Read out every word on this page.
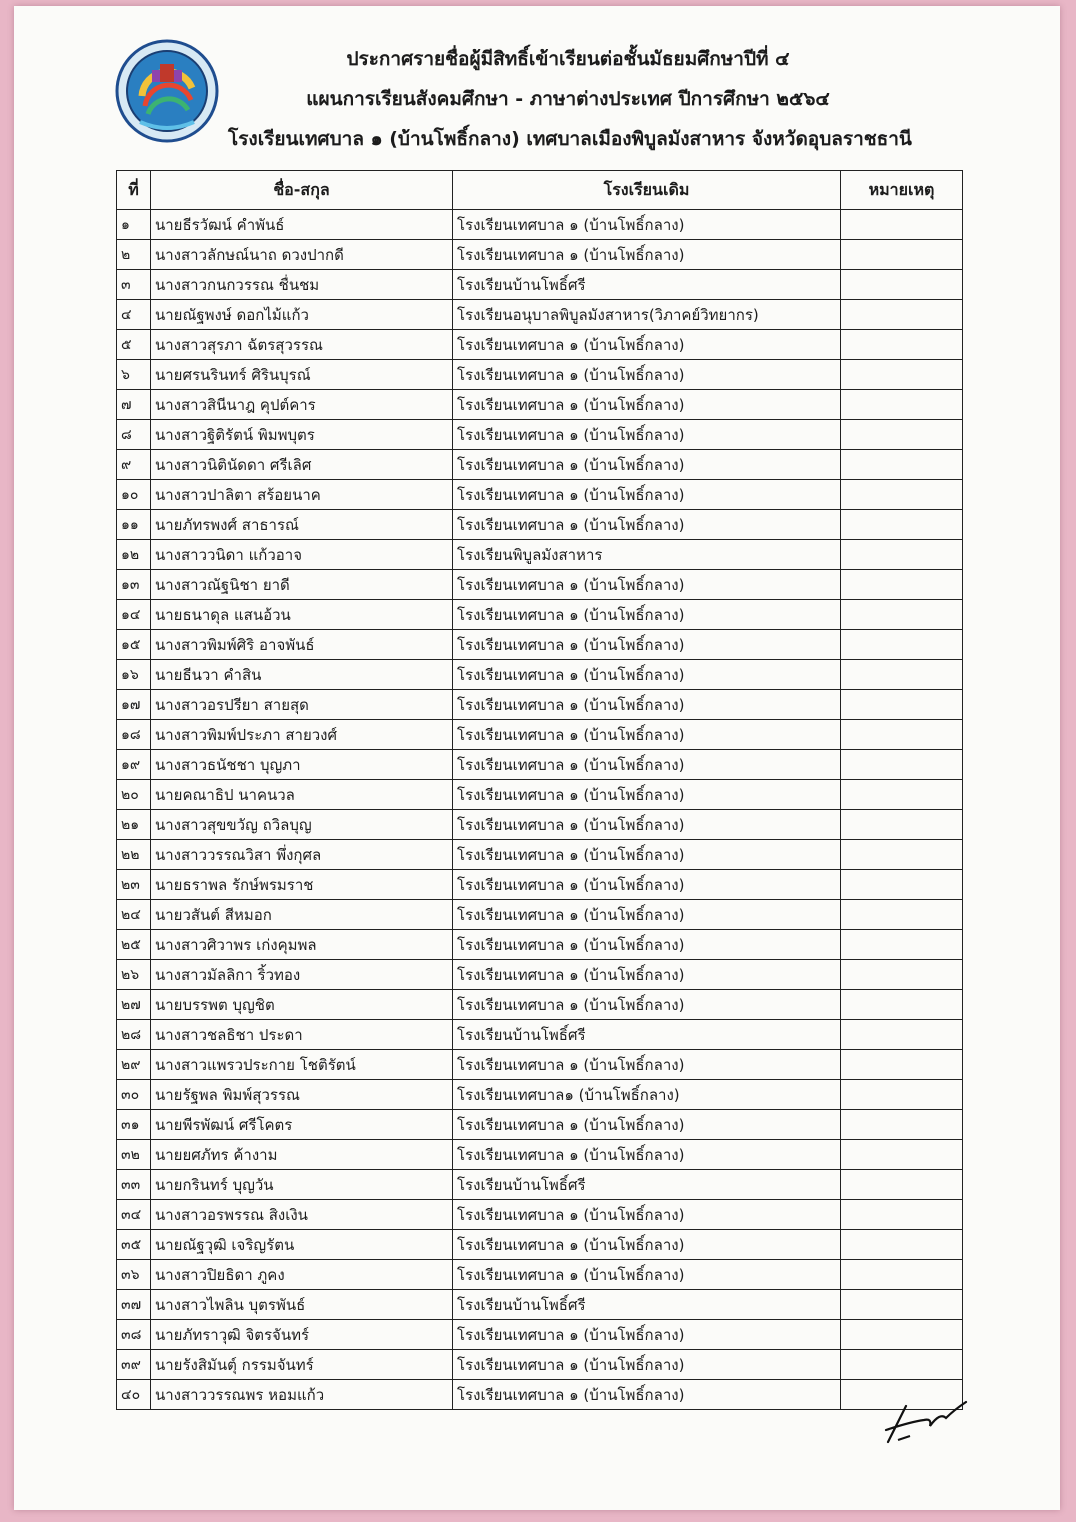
ประกาศรายชื่อผู้มีสิทธิ์เข้าเรียนต่อชั้นมัธยมศึกษาปีที่ ๔
แผนการเรียนสังคมศึกษา - ภาษาต่างประเทศ ปีการศึกษา ๒๕๖๔
โรงเรียนเทศบาล ๑ (บ้านโพธิ์กลาง) เทศบาลเมืองพิบูลมังสาหาร จังหวัดอุบลราชธานี
ที่	ชื่อ-สกุล	โรงเรียนเดิม	หมายเหตุ
๑	นายธีรวัฒน์ คำพันธ์	โรงเรียนเทศบาล ๑ (บ้านโพธิ์กลาง)	
๒	นางสาวลักษณ์นาถ ดวงปากดี	โรงเรียนเทศบาล ๑ (บ้านโพธิ์กลาง)	
๓	นางสาวกนกวรรณ ชื่นชม	โรงเรียนบ้านโพธิ์ศรี	
๔	นายณัฐพงษ์ ดอกไม้แก้ว	โรงเรียนอนุบาลพิบูลมังสาหาร(วิภาคย์วิทยากร)	
๕	นางสาวสุรภา ฉัตรสุวรรณ	โรงเรียนเทศบาล ๑ (บ้านโพธิ์กลาง)	
๖	นายศรนรินทร์ ศิรินบุรณ์	โรงเรียนเทศบาล ๑ (บ้านโพธิ์กลาง)	
๗	นางสาวสินีนาฎ คุปต์คาร	โรงเรียนเทศบาล ๑ (บ้านโพธิ์กลาง)	
๘	นางสาวฐิติรัตน์ พิมพบุตร	โรงเรียนเทศบาล ๑ (บ้านโพธิ์กลาง)	
๙	นางสาวนิตินัดดา ศรีเลิศ	โรงเรียนเทศบาล ๑ (บ้านโพธิ์กลาง)	
๑๐	นางสาวปาลิตา สร้อยนาค	โรงเรียนเทศบาล ๑ (บ้านโพธิ์กลาง)	
๑๑	นายภัทรพงศ์ สาธารณ์	โรงเรียนเทศบาล ๑ (บ้านโพธิ์กลาง)	
๑๒	นางสาววนิดา แก้วอาจ	โรงเรียนพิบูลมังสาหาร	
๑๓	นางสาวณัฐนิชา ยาดี	โรงเรียนเทศบาล ๑ (บ้านโพธิ์กลาง)	
๑๔	นายธนาดุล แสนอ้วน	โรงเรียนเทศบาล ๑ (บ้านโพธิ์กลาง)	
๑๕	นางสาวพิมพ์ศิริ อาจพันธ์	โรงเรียนเทศบาล ๑ (บ้านโพธิ์กลาง)	
๑๖	นายธีนวา คำสิน	โรงเรียนเทศบาล ๑ (บ้านโพธิ์กลาง)	
๑๗	นางสาวอรปรียา สายสุด	โรงเรียนเทศบาล ๑ (บ้านโพธิ์กลาง)	
๑๘	นางสาวพิมพ์ประภา สายวงศ์	โรงเรียนเทศบาล ๑ (บ้านโพธิ์กลาง)	
๑๙	นางสาวธนัชชา บุญภา	โรงเรียนเทศบาล ๑ (บ้านโพธิ์กลาง)	
๒๐	นายคณาธิป นาคนวล	โรงเรียนเทศบาล ๑ (บ้านโพธิ์กลาง)	
๒๑	นางสาวสุขขวัญ ถวิลบุญ	โรงเรียนเทศบาล ๑ (บ้านโพธิ์กลาง)	
๒๒	นางสาววรรณวิสา พึ่งกุศล	โรงเรียนเทศบาล ๑ (บ้านโพธิ์กลาง)	
๒๓	นายธราพล รักษ์พรมราช	โรงเรียนเทศบาล ๑ (บ้านโพธิ์กลาง)	
๒๔	นายวสันต์ สีหมอก	โรงเรียนเทศบาล ๑ (บ้านโพธิ์กลาง)	
๒๕	นางสาวศิวาพร เก่งคุมพล	โรงเรียนเทศบาล ๑ (บ้านโพธิ์กลาง)	
๒๖	นางสาวมัลลิกา ริ้วทอง	โรงเรียนเทศบาล ๑ (บ้านโพธิ์กลาง)	
๒๗	นายบรรพต บุญชิต	โรงเรียนเทศบาล ๑ (บ้านโพธิ์กลาง)	
๒๘	นางสาวชลธิชา ประดา	โรงเรียนบ้านโพธิ์ศรี	
๒๙	นางสาวแพรวประกาย โชติรัตน์	โรงเรียนเทศบาล ๑ (บ้านโพธิ์กลาง)	
๓๐	นายรัฐพล พิมพ์สุวรรณ	โรงเรียนเทศบาล๑ (บ้านโพธิ์กลาง)	
๓๑	นายพีรพัฒน์ ศรีโคตร	โรงเรียนเทศบาล ๑ (บ้านโพธิ์กลาง)	
๓๒	นายยศภัทร ค้างาม	โรงเรียนเทศบาล ๑ (บ้านโพธิ์กลาง)	
๓๓	นายกรินทร์ บุญวัน	โรงเรียนบ้านโพธิ์ศรี	
๓๔	นางสาวอรพรรณ สิงเงิน	โรงเรียนเทศบาล ๑ (บ้านโพธิ์กลาง)	
๓๕	นายณัฐวุฒิ เจริญรัตน	โรงเรียนเทศบาล ๑ (บ้านโพธิ์กลาง)	
๓๖	นางสาวปิยธิดา ภูคง	โรงเรียนเทศบาล ๑ (บ้านโพธิ์กลาง)	
๓๗	นางสาวไพลิน บุตรพันธ์	โรงเรียนบ้านโพธิ์ศรี	
๓๘	นายภัทราวุฒิ จิตรจันทร์	โรงเรียนเทศบาล ๑ (บ้านโพธิ์กลาง)	
๓๙	นายรังสิมันต์ุ กรรมจันทร์	โรงเรียนเทศบาล ๑ (บ้านโพธิ์กลาง)	
๔๐	นางสาววรรณพร หอมแก้ว	โรงเรียนเทศบาล ๑ (บ้านโพธิ์กลาง)	
